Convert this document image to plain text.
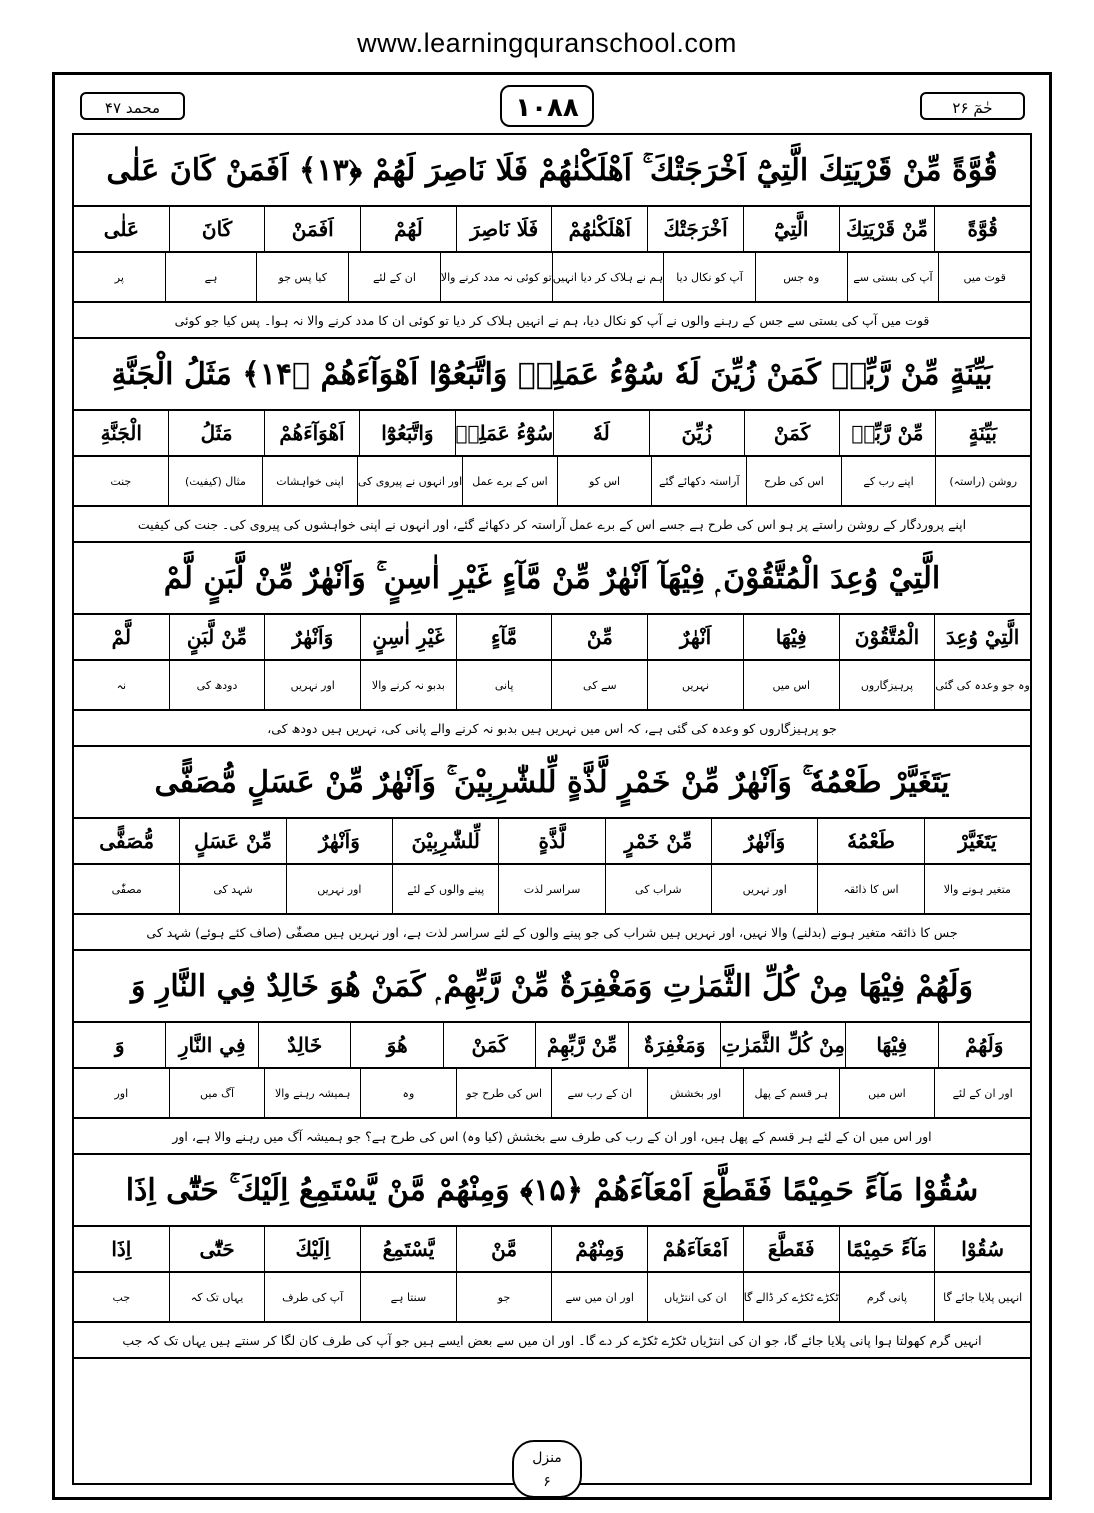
www.learningquranschool.com
محمد ۴۷	۱۰۸۸	حٰمٓ ۲۶
قُوَّةً مِّنْ قَرْيَتِكَ الَّتِيْٓ اَخْرَجَتْكَ ۚ اَهْلَكْنٰهُمْ فَلَا نَاصِرَ لَهُمْ ﴿۱۳﴾ اَفَمَنْ كَانَ عَلٰى
قُوَّةً
مِّنْ قَرْيَتِكَ
الَّتِيْٓ
اَخْرَجَتْكَ
اَهْلَكْنٰهُمْ
فَلَا نَاصِرَ
لَهُمْ
اَفَمَنْ
كَانَ
عَلٰى
قوت میں
آپ کی بستی سے
وہ جس
آپ کو نکال دیا
ہم نے ہلاک کر دیا انہیں
تو کوئی نہ مدد کرنے والا
ان کے لئے
کیا پس جو
ہے
پر
قوت میں آپ کی بستی سے جس کے رہنے والوں نے آپ کو نکال دیا، ہم نے انہیں ہلاک کر دیا تو کوئی ان کا مدد کرنے والا نہ ہوا۔ پس کیا جو کوئی
بَيِّنَةٍ مِّنْ رَّبِّهٖ كَمَنْ زُيِّنَ لَهٗ سُوْٓءُ عَمَلِهٖ وَاتَّبَعُوْٓا اَهْوَآءَهُمْ ﴿۱۴﴾ مَثَلُ الْجَنَّةِ
بَيِّنَةٍ
مِّنْ رَّبِّهٖ
كَمَنْ
زُيِّنَ
لَهٗ
سُوْٓءُ عَمَلِهٖ
وَاتَّبَعُوْٓا
اَهْوَآءَهُمْ
مَثَلُ
الْجَنَّةِ
روشن (راستہ)
اپنے رب کے
اس کی طرح
آراستہ دکھائے گئے
اس کو
اس کے برے عمل
اور انہوں نے پیروی کی
اپنی خواہشات
مثال (کیفیت)
جنت
اپنے پروردگار کے روشن راستے پر ہو اس کی طرح ہے جسے اس کے برے عمل آراستہ کر دکھائے گئے، اور انہوں نے اپنی خواہشوں کی پیروی کی۔ جنت کی کیفیت
الَّتِيْ وُعِدَ الْمُتَّقُوْنَ ۭ فِيْهَآ اَنْهٰرٌ مِّنْ مَّآءٍ غَيْرِ اٰسِنٍ ۚ وَاَنْهٰرٌ مِّنْ لَّبَنٍ لَّمْ
الَّتِيْ وُعِدَ
الْمُتَّقُوْنَ
فِيْهَا
اَنْهٰرٌ
مِّنْ
مَّآءٍ
غَيْرِ اٰسِنٍ
وَاَنْهٰرٌ
مِّنْ لَّبَنٍ
لَّمْ
وہ جو وعدہ کی گئی
پرہیزگاروں
اس میں
نہریں
سے کی
پانی
بدبو نہ کرنے والا
اور نہریں
دودھ کی
نہ
جو پرہیزگاروں کو وعدہ کی گئی ہے، کہ اس میں نہریں ہیں بدبو نہ کرنے والے پانی کی، نہریں ہیں دودھ کی،
يَتَغَيَّرْ طَعْمُهٗ ۚ وَاَنْهٰرٌ مِّنْ خَمْرٍ لَّذَّةٍ لِّلشّٰرِبِيْنَ ۚ وَاَنْهٰرٌ مِّنْ عَسَلٍ مُّصَفًّى
يَتَغَيَّرْ
طَعْمُهٗ
وَاَنْهٰرٌ
مِّنْ خَمْرٍ
لَّذَّةٍ
لِّلشّٰرِبِيْنَ
وَاَنْهٰرٌ
مِّنْ عَسَلٍ
مُّصَفًّى
متغیر ہونے والا
اس کا ذائقہ
اور نہریں
شراب کی
سراسر لذت
پینے والوں کے لئے
اور نہریں
شہد کی
مصفّٰی
جس کا ذائقہ متغیر ہونے (بدلنے) والا نہیں، اور نہریں ہیں شراب کی جو پینے والوں کے لئے سراسر لذت ہے، اور نہریں ہیں مصفّٰی (صاف کئے ہوئے) شہد کی
وَلَهُمْ فِيْهَا مِنْ كُلِّ الثَّمَرٰتِ وَمَغْفِرَةٌ مِّنْ رَّبِّهِمْ ۭ كَمَنْ هُوَ خَالِدٌ فِي النَّارِ وَ
وَلَهُمْ
فِيْهَا
مِنْ كُلِّ الثَّمَرٰتِ
وَمَغْفِرَةٌ
مِّنْ رَّبِّهِمْ
كَمَنْ
هُوَ
خَالِدٌ
فِي النَّارِ
وَ
اور ان کے لئے
اس میں
ہر قسم کے پھل
اور بخشش
ان کے رب سے
اس کی طرح جو
وہ
ہمیشہ رہنے والا
آگ میں
اور
اور اس میں ان کے لئے ہر قسم کے پھل ہیں، اور ان کے رب کی طرف سے بخشش (کیا وہ) اس کی طرح ہے؟ جو ہمیشہ آگ میں رہنے والا ہے، اور
سُقُوْا مَآءً حَمِيْمًا فَقَطَّعَ اَمْعَآءَهُمْ ﴿۱۵﴾ وَمِنْهُمْ مَّنْ يَّسْتَمِعُ اِلَيْكَ ۚ حَتّٰٓى اِذَا
سُقُوْا
مَآءً حَمِيْمًا
فَقَطَّعَ
اَمْعَآءَهُمْ
وَمِنْهُمْ
مَّنْ
يَّسْتَمِعُ
اِلَيْكَ
حَتّٰٓى
اِذَا
انہیں پلایا جائے گا
پانی گرم
ٹکڑے ٹکڑے کر ڈالے گا
ان کی انتڑیاں
اور ان میں سے
جو
سنتا ہے
آپ کی طرف
یہاں تک کہ
جب
انہیں گرم کھولتا ہوا پانی پلایا جائے گا، جو ان کی انتڑیاں ٹکڑے ٹکڑے کر دے گا۔ اور ان میں سے بعض ایسے ہیں جو آپ کی طرف کان لگا کر سنتے ہیں یہاں تک کہ جب
منزل
۶
